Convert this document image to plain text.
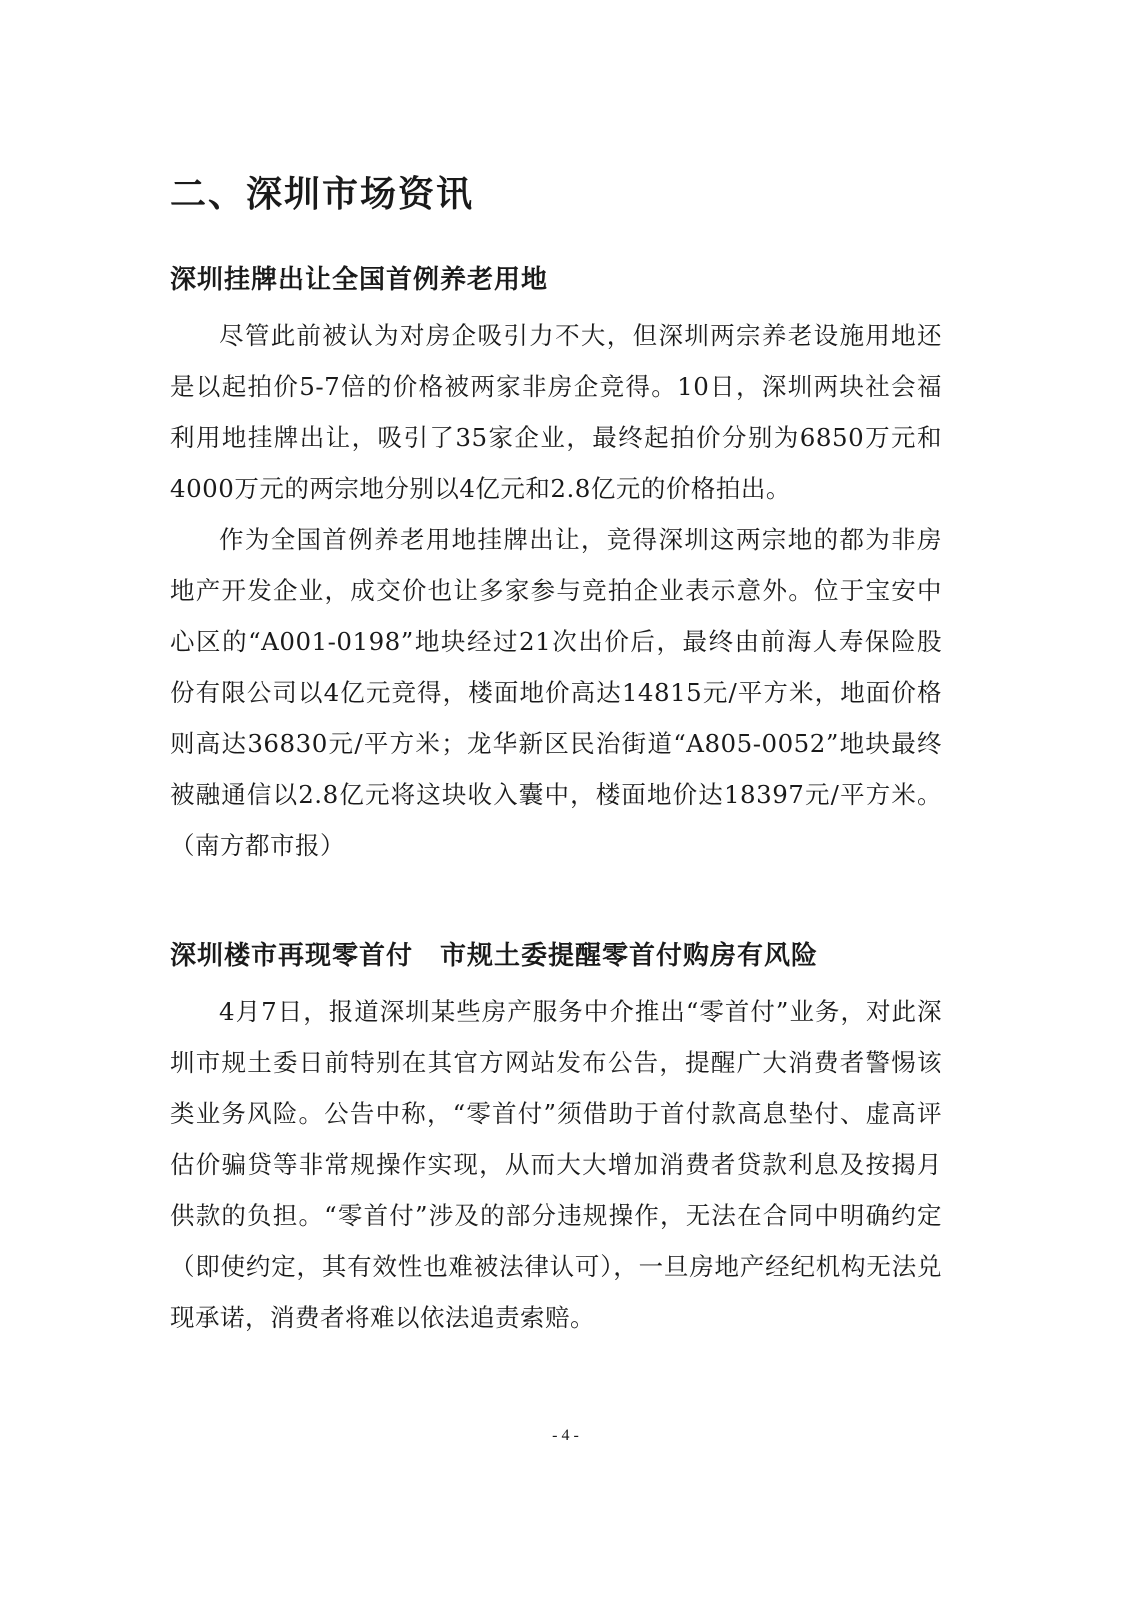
二、深圳市场资讯
深圳挂牌出让全国首例养老用地

尽管此前被认为对房企吸引力不大，但深圳两宗养老设施用地还是以起拍价5-7倍的价格被两家非房企竞得。10日，深圳两块社会福利用地挂牌出让，吸引了35家企业，最终起拍价分别为6850万元和4000万元的两宗地分别以4亿元和2.8亿元的价格拍出。

作为全国首例养老用地挂牌出让，竞得深圳这两宗地的都为非房地产开发企业，成交价也让多家参与竞拍企业表示意外。位于宝安中心区的“A001-0198”地块经过21次出价后，最终由前海人寿保险股份有限公司以4亿元竞得，楼面地价高达14815元/平方米，地面价格则高达36830元/平方米；龙华新区民治街道“A805-0052”地块最终被融通信以2.8亿元将这块收入囊中，楼面地价达18397元/平方米。（南方都市报）

深圳楼市再现零首付　市规土委提醒零首付购房有风险

4月7日，报道深圳某些房产服务中介推出“零首付”业务，对此深圳市规土委日前特别在其官方网站发布公告，提醒广大消费者警惕该类业务风险。公告中称，“零首付”须借助于首付款高息垫付、虚高评估价骗贷等非常规操作实现，从而大大增加消费者贷款利息及按揭月供款的负担。“零首付”涉及的部分违规操作，无法在合同中明确约定（即使约定，其有效性也难被法律认可），一旦房地产经纪机构无法兑现承诺，消费者将难以依法追责索赔。

- 4 -
